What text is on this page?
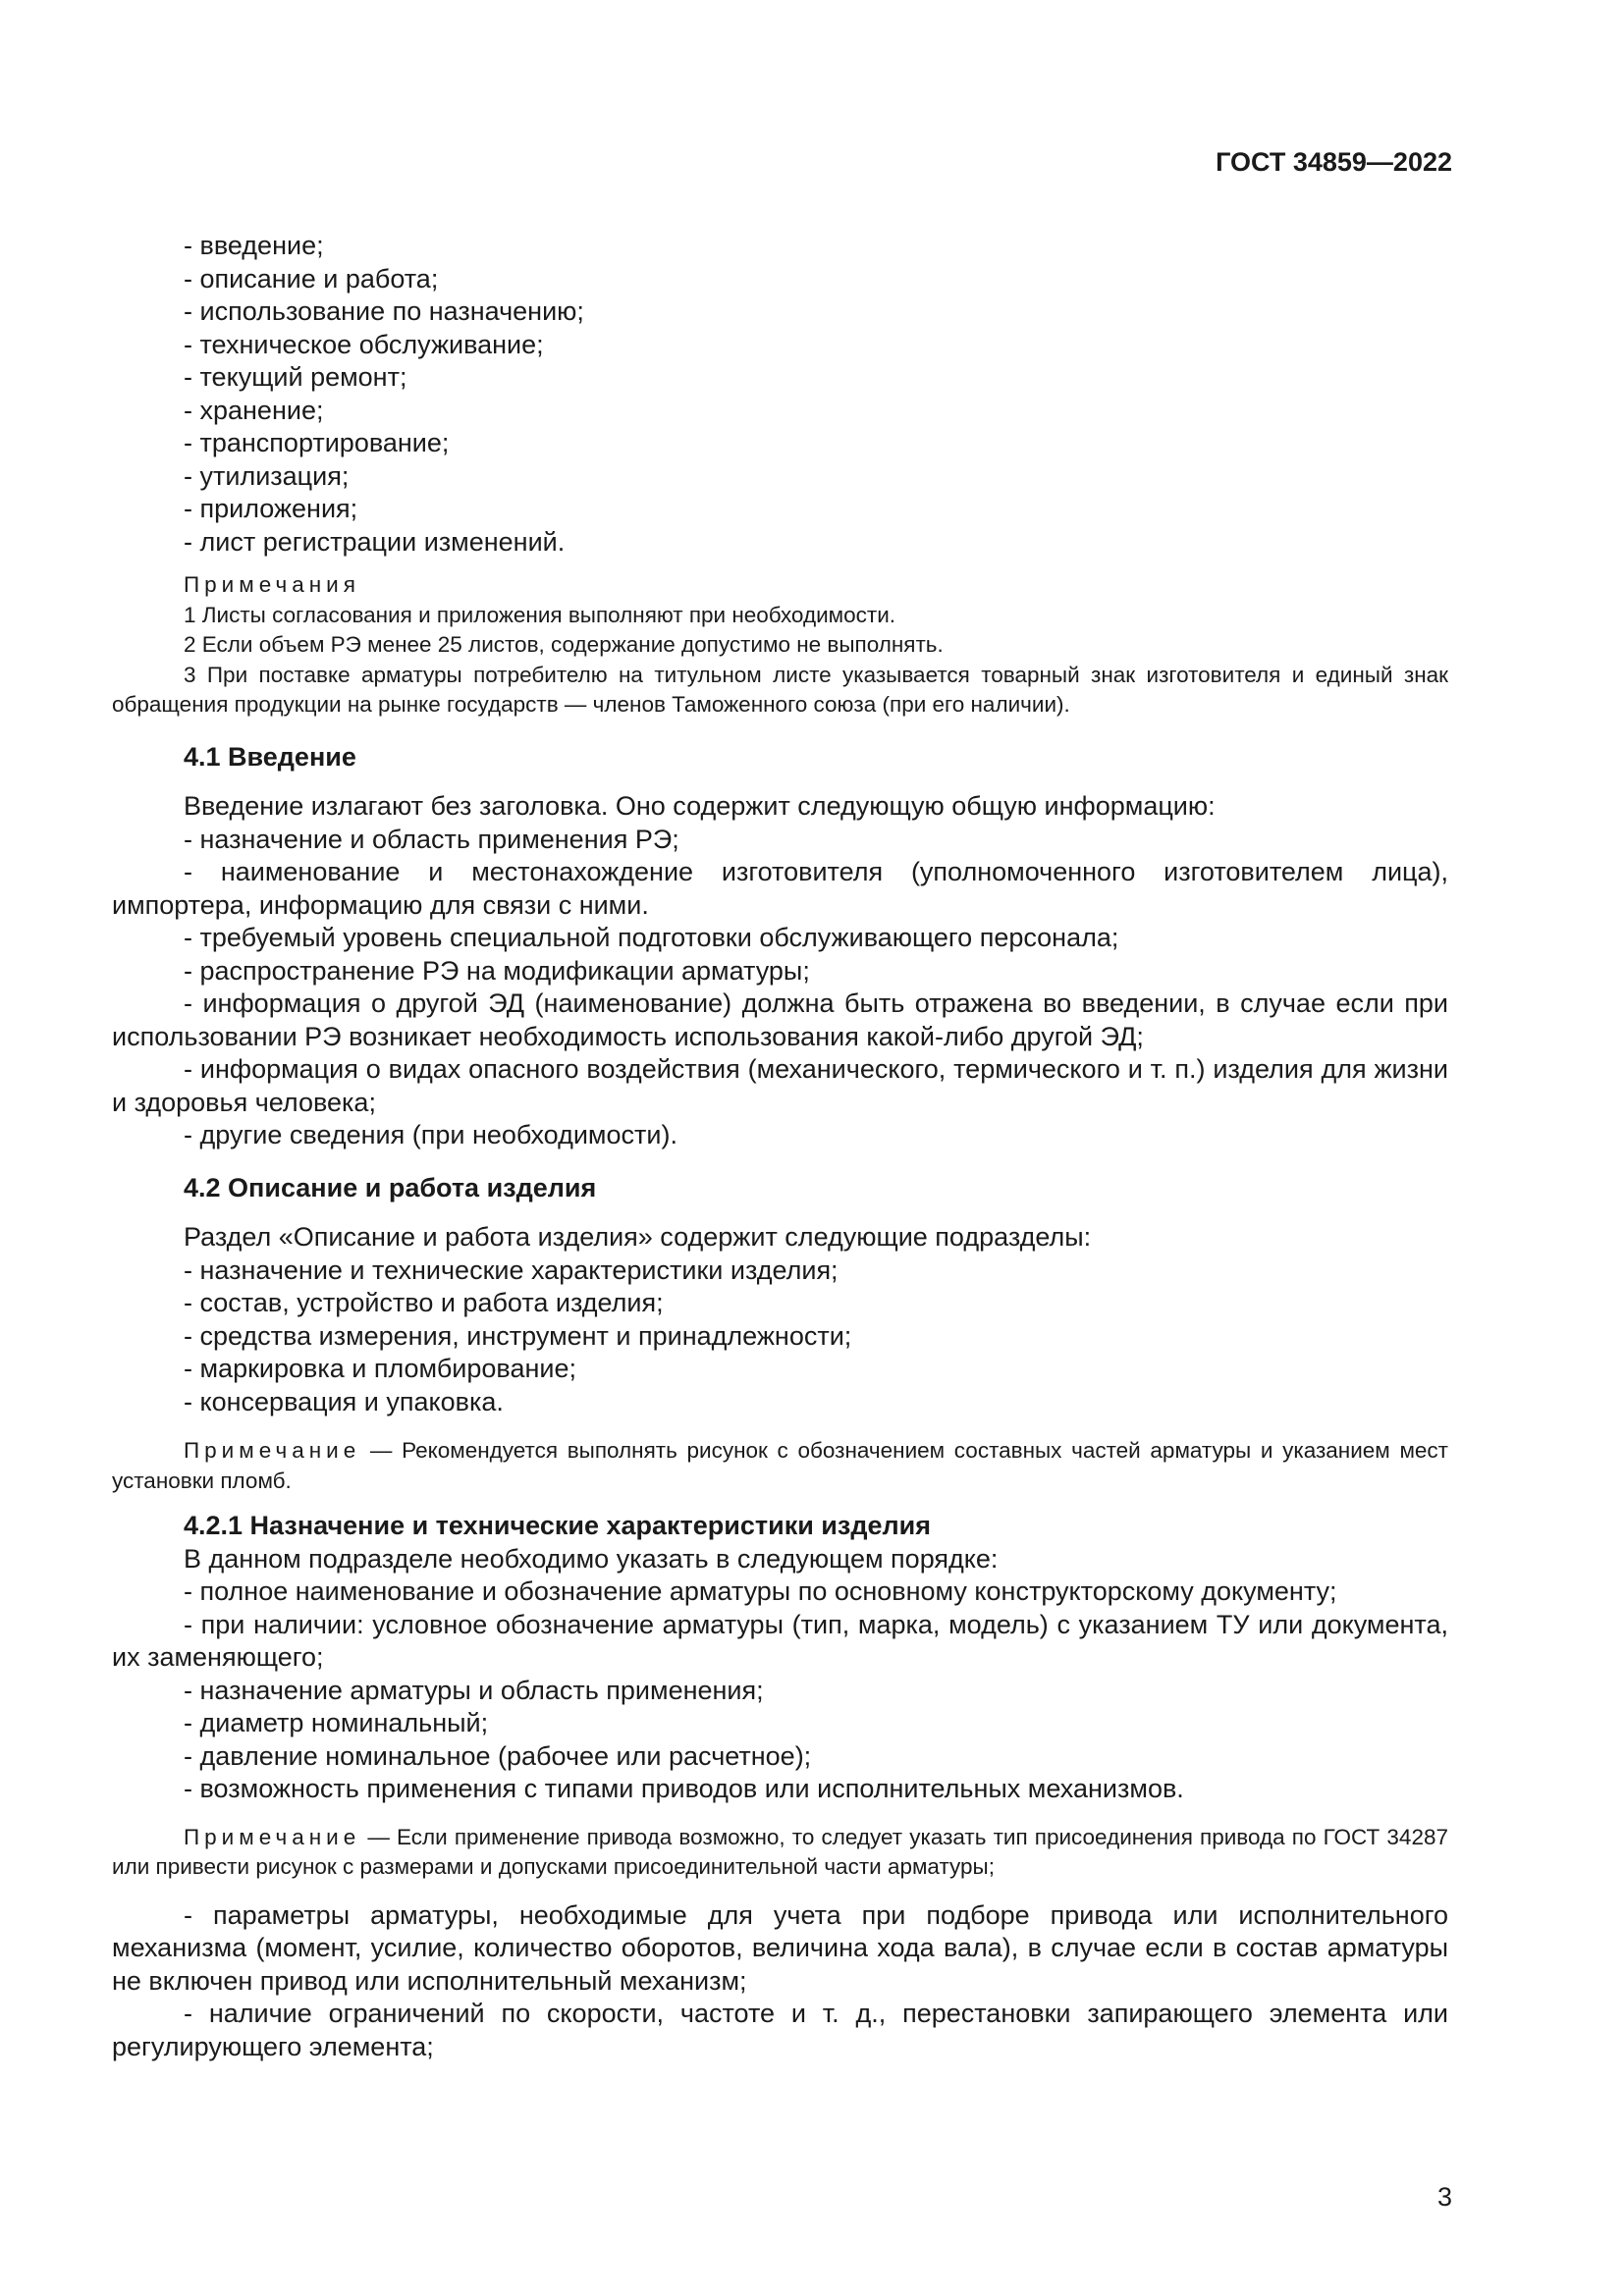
ГОСТ 34859—2022

- введение;

- описание и работа;

- использование по назначению;

- техническое обслуживание;

- текущий ремонт;

- хранение;

- транспортирование;

- утилизация;

- приложения;

- лист регистрации изменений.

Примечания

1 Листы согласования и приложения выполняют при необходимости.

2 Если объем РЭ менее 25 листов, содержание допустимо не выполнять.

3 При поставке арматуры потребителю на титульном листе указывается товарный знак изготовителя и единый знак обращения продукции на рынке государств — членов Таможенного союза (при его наличии).

4.1 Введение

Введение излагают без заголовка. Оно содержит следующую общую информацию:

- назначение и область применения РЭ;

- наименование и местонахождение изготовителя (уполномоченного изготовителем лица), импортера, информацию для связи с ними.

- требуемый уровень специальной подготовки обслуживающего персонала;

- распространение РЭ на модификации арматуры;

- информация о другой ЭД (наименование) должна быть отражена во введении, в случае если при использовании РЭ возникает необходимость использования какой-либо другой ЭД;

- информация о видах опасного воздействия (механического, термического и т. п.) изделия для жизни и здоровья человека;

- другие сведения (при необходимости).

4.2 Описание и работа изделия

Раздел «Описание и работа изделия» содержит следующие подразделы:

- назначение и технические характеристики изделия;

- состав, устройство и работа изделия;

- средства измерения, инструмент и принадлежности;

- маркировка и пломбирование;

- консервация и упаковка.

Примечание — Рекомендуется выполнять рисунок с обозначением составных частей арматуры и указанием мест установки пломб.

4.2.1 Назначение и технические характеристики изделия

В данном подразделе необходимо указать в следующем порядке:

- полное наименование и обозначение арматуры по основному конструкторскому документу;

- при наличии: условное обозначение арматуры (тип, марка, модель) с указанием ТУ или документа, их заменяющего;

- назначение арматуры и область применения;

- диаметр номинальный;

- давление номинальное (рабочее или расчетное);

- возможность применения с типами приводов или исполнительных механизмов.

Примечание — Если применение привода возможно, то следует указать тип присоединения привода по ГОСТ 34287 или привести рисунок с размерами и допусками присоединительной части арматуры;

- параметры арматуры, необходимые для учета при подборе привода или исполнительного механизма (момент, усилие, количество оборотов, величина хода вала), в случае если в состав арматуры не включен привод или исполнительный механизм;

- наличие ограничений по скорости, частоте и т. д., перестановки запирающего элемента или регулирующего элемента;

3
